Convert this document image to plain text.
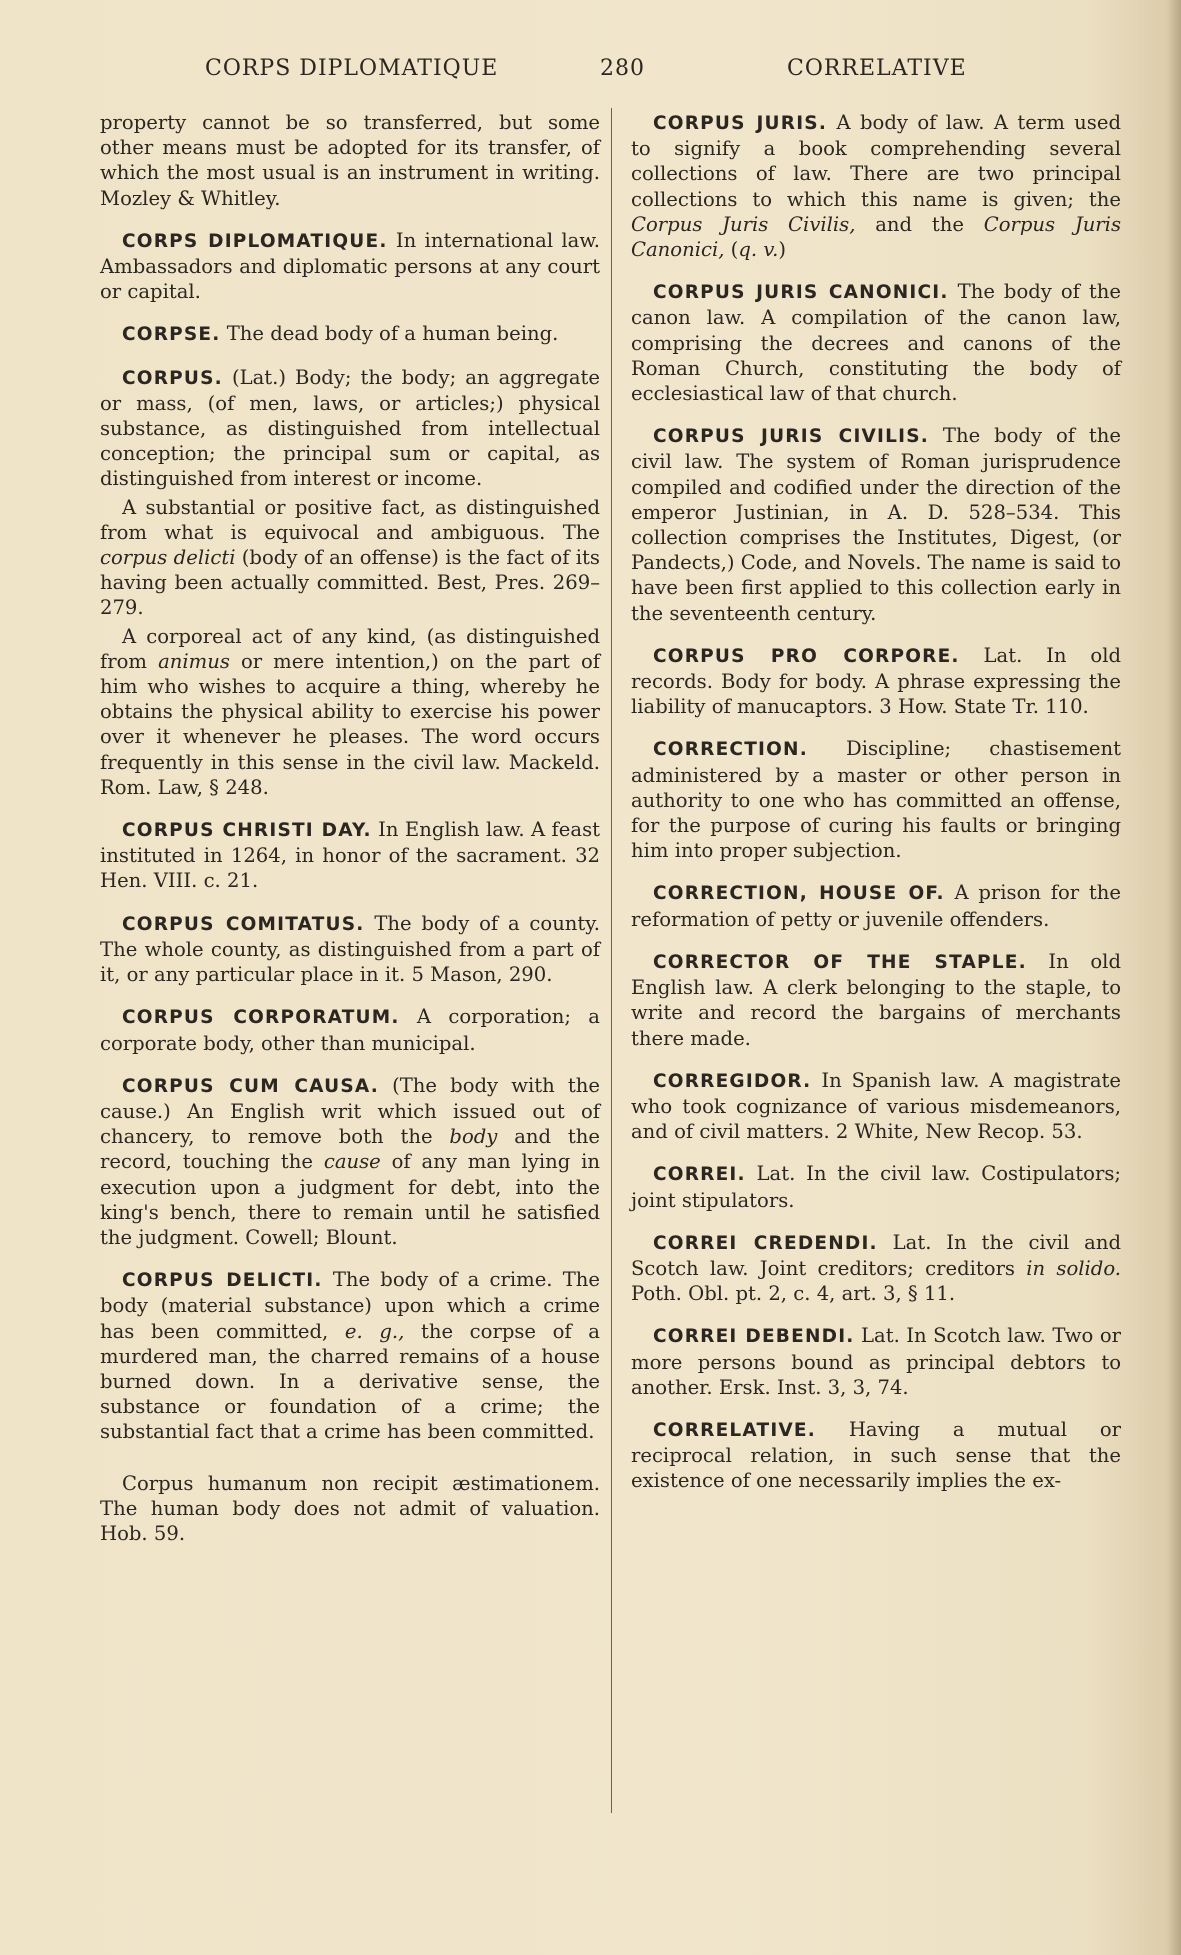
CORPS DIPLOMATIQUE	280	CORRELATIVE

property cannot be so transferred, but some other means must be adopted for its transfer, of which the most usual is an instrument in writing. Mozley & Whitley.

CORPS DIPLOMATIQUE. In international law. Ambassadors and diplomatic persons at any court or capital.

CORPSE. The dead body of a human being.

CORPUS. (Lat.) Body; the body; an aggregate or mass, (of men, laws, or articles;) physical substance, as distinguished from intellectual conception; the principal sum or capital, as distinguished from interest or income.

A substantial or positive fact, as distinguished from what is equivocal and ambiguous. The corpus delicti (body of an offense) is the fact of its having been actually committed. Best, Pres. 269–279.

A corporeal act of any kind, (as distinguished from animus or mere intention,) on the part of him who wishes to acquire a thing, whereby he obtains the physical ability to exercise his power over it whenever he pleases. The word occurs frequently in this sense in the civil law. Mackeld. Rom. Law, § 248.

CORPUS CHRISTI DAY. In English law. A feast instituted in 1264, in honor of the sacrament. 32 Hen. VIII. c. 21.

CORPUS COMITATUS. The body of a county. The whole county, as distinguished from a part of it, or any particular place in it. 5 Mason, 290.

CORPUS CORPORATUM. A corporation; a corporate body, other than municipal.

CORPUS CUM CAUSA. (The body with the cause.) An English writ which issued out of chancery, to remove both the body and the record, touching the cause of any man lying in execution upon a judgment for debt, into the king's bench, there to remain until he satisfied the judgment. Cowell; Blount.

CORPUS DELICTI. The body of a crime. The body (material substance) upon which a crime has been committed, e. g., the corpse of a murdered man, the charred remains of a house burned down. In a derivative sense, the substance or foundation of a crime; the substantial fact that a crime has been committed.

Corpus humanum non recipit æstimationem. The human body does not admit of valuation. Hob. 59.

CORPUS JURIS. A body of law. A term used to signify a book comprehending several collections of law. There are two principal collections to which this name is given; the Corpus Juris Civilis, and the Corpus Juris Canonici, (q. v.)

CORPUS JURIS CANONICI. The body of the canon law. A compilation of the canon law, comprising the decrees and canons of the Roman Church, constituting the body of ecclesiastical law of that church.

CORPUS JURIS CIVILIS. The body of the civil law. The system of Roman jurisprudence compiled and codified under the direction of the emperor Justinian, in A. D. 528–534. This collection comprises the Institutes, Digest, (or Pandects,) Code, and Novels. The name is said to have been first applied to this collection early in the seventeenth century.

CORPUS PRO CORPORE. Lat. In old records. Body for body. A phrase expressing the liability of manucaptors. 3 How. State Tr. 110.

CORRECTION. Discipline; chastisement administered by a master or other person in authority to one who has committed an offense, for the purpose of curing his faults or bringing him into proper subjection.

CORRECTION, HOUSE OF. A prison for the reformation of petty or juvenile offenders.

CORRECTOR OF THE STAPLE. In old English law. A clerk belonging to the staple, to write and record the bargains of merchants there made.

CORREGIDOR. In Spanish law. A magistrate who took cognizance of various misdemeanors, and of civil matters. 2 White, New Recop. 53.

CORREI. Lat. In the civil law. Costipulators; joint stipulators.

CORREI CREDENDI. Lat. In the civil and Scotch law. Joint creditors; creditors in solido. Poth. Obl. pt. 2, c. 4, art. 3, § 11.

CORREI DEBENDI. Lat. In Scotch law. Two or more persons bound as principal debtors to another. Ersk. Inst. 3, 3, 74.

CORRELATIVE. Having a mutual or reciprocal relation, in such sense that the existence of one necessarily implies the ex-
